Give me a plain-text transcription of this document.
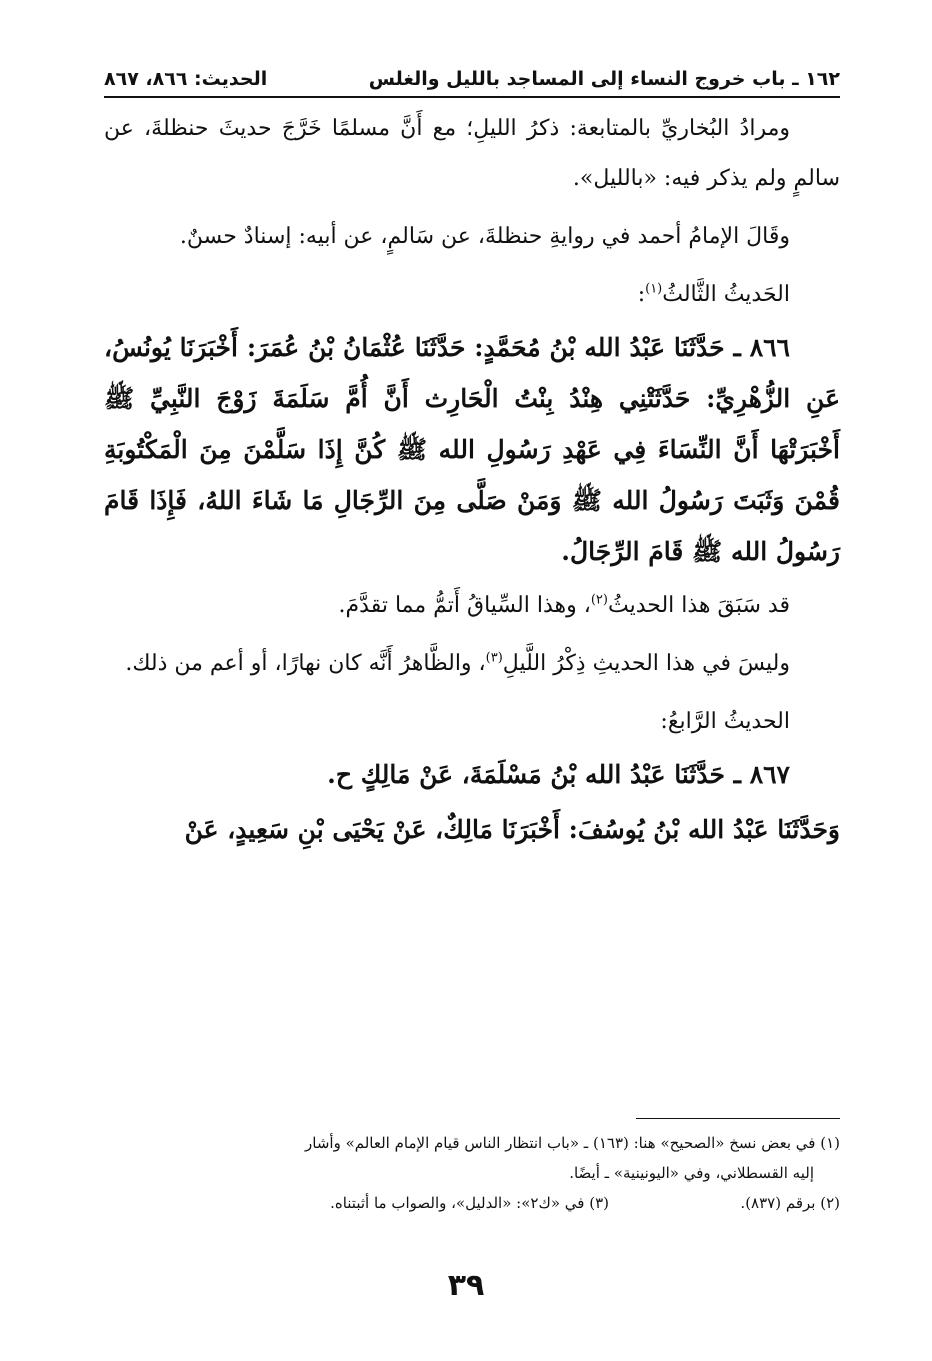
١٦٢ ـ باب خروج النساء إلى المساجد بالليل والغلس
الحديث: ٨٦٦، ٨٦٧

ومرادُ البُخاريِّ بالمتابعة: ذكرُ الليلِ؛ مع أَنَّ مسلمًا خَرَّجَ حديثَ حنظلةَ، عن سالمٍ ولم يذكر فيه: «بالليل».

وقَالَ الإمامُ أحمد في روايةِ حنظلةَ، عن سَالمٍ، عن أبيه: إسنادٌ حسنٌ.

الحَديثُ الثَّالثُ$^{(١)}$:

٨٦٦ ـ حَدَّثَنَا عَبْدُ الله بْنُ مُحَمَّدٍ: حَدَّثَنَا عُثْمَانُ بْنُ عُمَرَ: أَخْبَرَنَا يُونُسُ، عَنِ الزُّهْرِيِّ: حَدَّثَتْنِي هِنْدُ بِنْتُ الْحَارِث أَنَّ أُمَّ سَلَمَةَ زَوْجَ النَّبِيِّ ﷺ أَخْبَرَتْهَا أَنَّ النِّسَاءَ فِي عَهْدِ رَسُولِ الله ﷺ كُنَّ إِذَا سَلَّمْنَ مِنَ الْمَكْتُوبَةِ قُمْنَ وَثَبَتَ رَسُولُ الله ﷺ وَمَنْ صَلَّى مِنَ الرِّجَالِ مَا شَاءَ اللهُ، فَإِذَا قَامَ رَسُولُ الله ﷺ قَامَ الرِّجَالُ.

قد سَبَقَ هذا الحديثُ$^{(٢)}$، وهذا السِّياقُ أَتمُّ مما تقدَّمَ.

وليسَ في هذا الحديثِ ذِكْرُ اللَّيلِ$^{(٣)}$، والظَّاهرُ أَنَّه كان نهارًا، أو أعم من ذلك.

الحديثُ الرَّابعُ:

٨٦٧ ـ حَدَّثَنَا عَبْدُ الله بْنُ مَسْلَمَةَ، عَنْ مَالِكٍ ح.

وَحَدَّثَنَا عَبْدُ الله بْنُ يُوسُفَ: أَخْبَرَنَا مَالِكٌ، عَنْ يَحْيَى بْنِ سَعِيدٍ، عَنْ

(١) في بعض نسخ «الصحيح» هنا: (١٦٣) ـ «باب انتظار الناس قيام الإمام العالم» وأشار

إليه القسطلاني، وفي «اليونينية» ـ أيضًا.

(٢) برقم (٨٣٧).
(٣) في «ك٢»: «الدليل»، والصواب ما أثبتناه.
٣٩
